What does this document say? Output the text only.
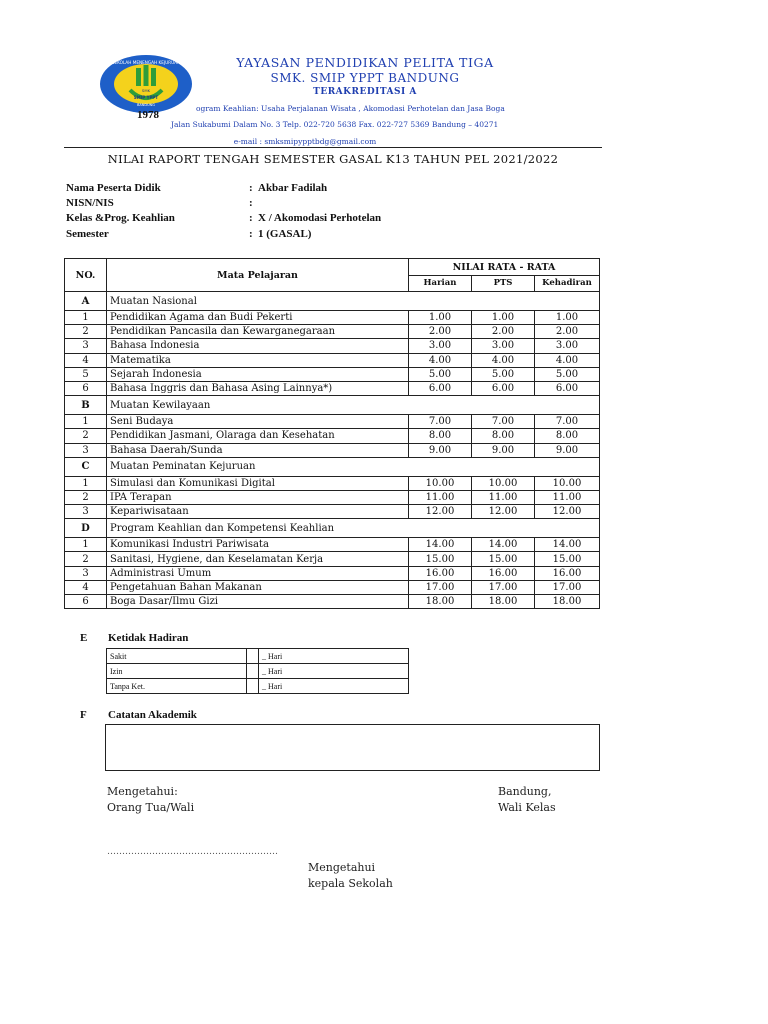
SEKOLAH MENENGAH KEJURUAN
SMK
SMIP YPPT
BANDUNG
1978
YAYASAN PENDIDIKAN PELITA TIGA
SMK. SMIP YPPT BANDUNG
TERAKREDITASI A
ogram Keahlian: Usaha Perjalanan Wisata , Akomodasi Perhotelan dan Jasa Boga
Jalan Sukabumi Dalam No. 3 Telp. 022-720 5638 Fax. 022-727 5369 Bandung – 40271
e-mail : smksmipypptbdg@gmail.com
NILAI RAPORT TENGAH SEMESTER GASAL K13 TAHUN PEL 2021/2022
Nama Peserta Didik	: Akbar Fadilah
NISN/NIS	:
Kelas &Prog. Keahlian	: X / Akomodasi Perhotelan
Semester	: 1 (GASAL)
NO.	Mata Pelajaran	NILAI RATA - RATA		
		Harian	PTS	Kehadiran
A	Muatan Nasional			
1	Pendidikan Agama dan Budi Pekerti	1.00	1.00	1.00
2	Pendidikan Pancasila dan Kewarganegaraan	2.00	2.00	2.00
3	Bahasa Indonesia	3.00	3.00	3.00
4	Matematika	4.00	4.00	4.00
5	Sejarah Indonesia	5.00	5.00	5.00
6	Bahasa Inggris dan Bahasa Asing Lainnya*)	6.00	6.00	6.00
B	Muatan Kewilayaan			
1	Seni Budaya	7.00	7.00	7.00
2	Pendidikan Jasmani, Olaraga dan Kesehatan	8.00	8.00	8.00
3	Bahasa Daerah/Sunda	9.00	9.00	9.00
C	Muatan Peminatan Kejuruan			
1	Simulasi dan Komunikasi Digital	10.00	10.00	10.00
2	IPA Terapan	11.00	11.00	11.00
3	Kepariwisataan	12.00	12.00	12.00
D	Program Keahlian dan Kompetensi Keahlian			
1	Komunikasi Industri Pariwisata	14.00	14.00	14.00
2	Sanitasi, Hygiene, dan Keselamatan Kerja	15.00	15.00	15.00
3	Administrasi Umum	16.00	16.00	16.00
4	Pengetahuan Bahan Makanan	17.00	17.00	17.00
6	Boga Dasar/Ilmu Gizi	18.00	18.00	18.00
E Ketidak Hadiran
Sakit		_ Hari
Izin		_ Hari
Tanpa Ket.		_ Hari
F Catatan Akademik
Mengetahui:
Orang Tua/Wali
Bandung,
Wali Kelas
…………………………………………………
Mengetahui
kepala Sekolah
